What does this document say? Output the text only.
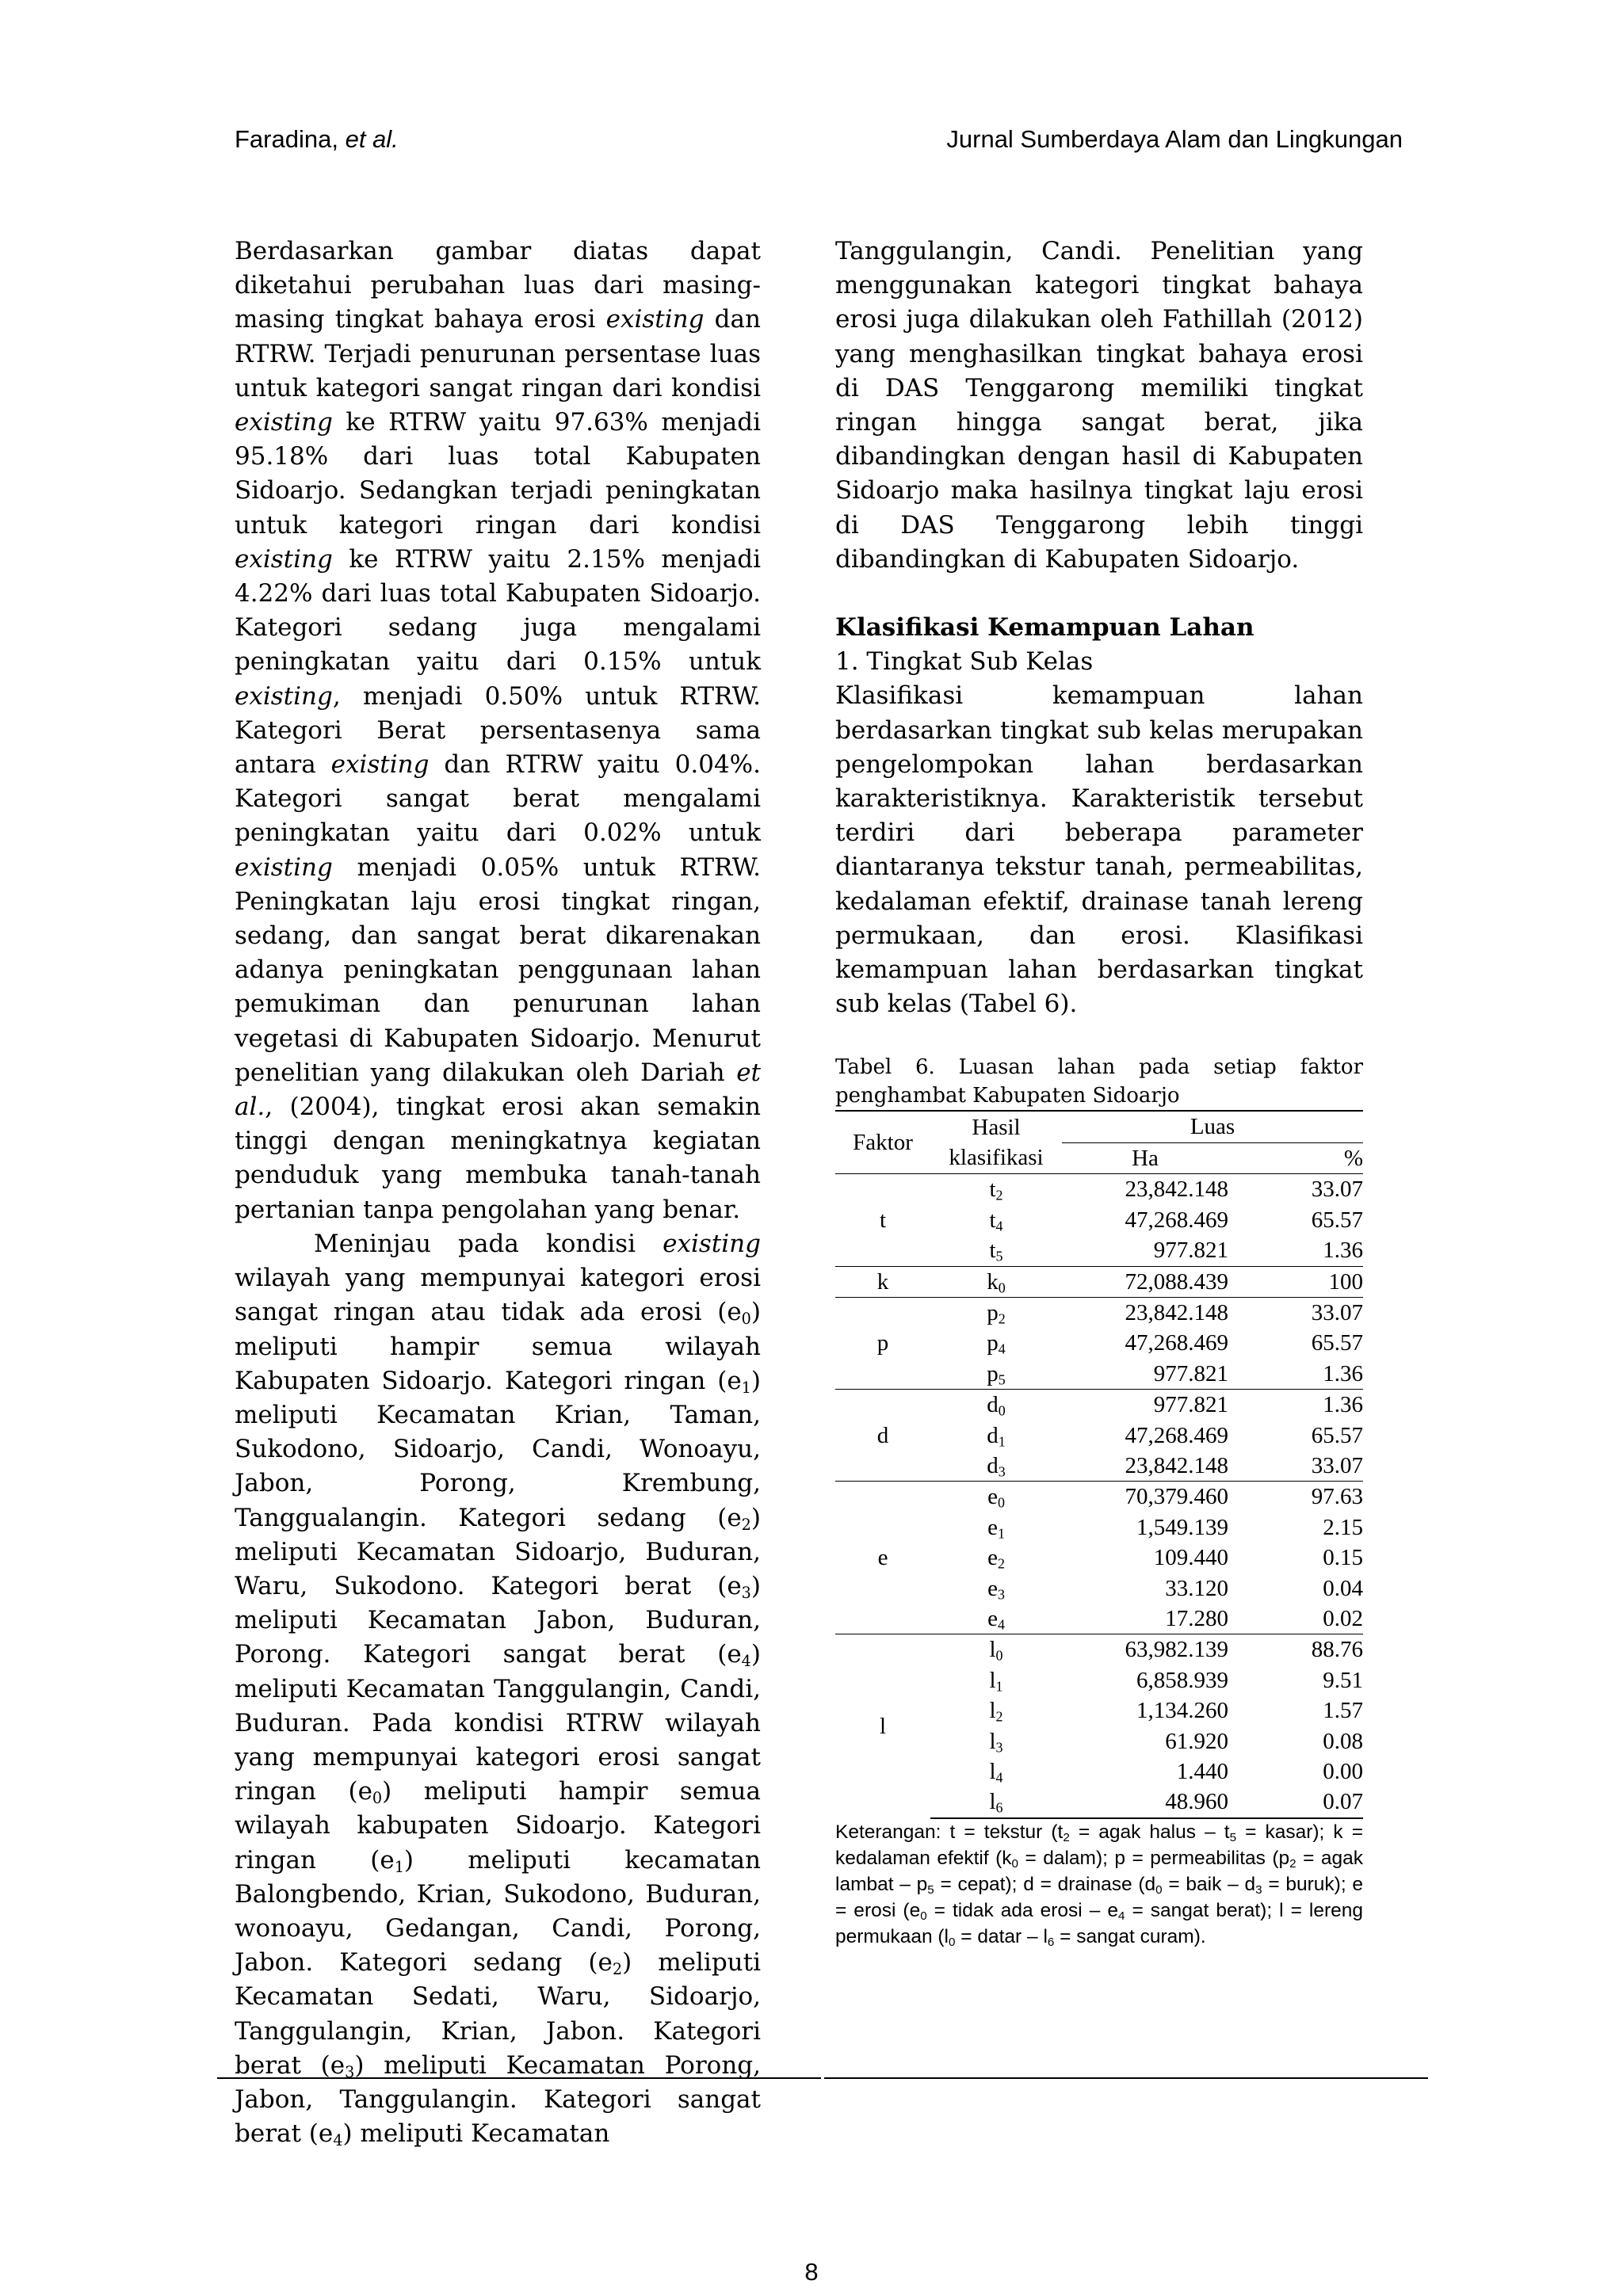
Faradina, et al.	Jurnal Sumberdaya Alam dan Lingkungan

Berdasarkan gambar diatas dapat diketahui perubahan luas dari masing-masing tingkat bahaya erosi existing dan RTRW. Terjadi penurunan persentase luas untuk kategori sangat ringan dari kondisi existing ke RTRW yaitu 97.63% menjadi 95.18% dari luas total Kabupaten Sidoarjo. Sedangkan terjadi peningkatan untuk kategori ringan dari kondisi existing ke RTRW yaitu 2.15% menjadi 4.22% dari luas total Kabupaten Sidoarjo. Kategori sedang juga mengalami peningkatan yaitu dari 0.15% untuk existing, menjadi 0.50% untuk RTRW. Kategori Berat persentasenya sama antara existing dan RTRW yaitu 0.04%. Kategori sangat berat mengalami peningkatan yaitu dari 0.02% untuk existing menjadi 0.05% untuk RTRW. Peningkatan laju erosi tingkat ringan, sedang, dan sangat berat dikarenakan adanya peningkatan penggunaan lahan pemukiman dan penurunan lahan vegetasi di Kabupaten Sidoarjo. Menurut penelitian yang dilakukan oleh Dariah et al., (2004), tingkat erosi akan semakin tinggi dengan meningkatnya kegiatan penduduk yang membuka tanah-tanah pertanian tanpa pengolahan yang benar.

Meninjau pada kondisi existing wilayah yang mempunyai kategori erosi sangat ringan atau tidak ada erosi $(e_0)$ meliputi hampir semua wilayah Kabupaten Sidoarjo. Kategori ringan $(e_1)$ meliputi Kecamatan Krian, Taman, Sukodono, Sidoarjo, Candi, Wonoayu, Jabon, Porong, Krembung, Tanggualangin. Kategori sedang $(e_2)$ meliputi Kecamatan Sidoarjo, Buduran, Waru, Sukodono. Kategori berat $(e_3)$ meliputi Kecamatan Jabon, Buduran, Porong. Kategori sangat berat $(e_4)$ meliputi Kecamatan Tanggulangin, Candi, Buduran. Pada kondisi RTRW wilayah yang mempunyai kategori erosi sangat ringan $(e_0)$ meliputi hampir semua wilayah kabupaten Sidoarjo. Kategori ringan $(e_1)$ meliputi kecamatan Balongbendo, Krian, Sukodono, Buduran, wonoayu, Gedangan, Candi, Porong, Jabon. Kategori sedang $(e_2)$ meliputi Kecamatan Sedati, Waru, Sidoarjo, Tanggulangin, Krian, Jabon. Kategori berat $(e_3)$ meliputi Kecamatan Porong, Jabon, Tanggulangin. Kategori sangat berat $(e_4)$ meliputi Kecamatan

Tanggulangin, Candi. Penelitian yang menggunakan kategori tingkat bahaya erosi juga dilakukan oleh Fathillah (2012) yang menghasilkan tingkat bahaya erosi di DAS Tenggarong memiliki tingkat ringan hingga sangat berat, jika dibandingkan dengan hasil di Kabupaten Sidoarjo maka hasilnya tingkat laju erosi di DAS Tenggarong lebih tinggi dibandingkan di Kabupaten Sidoarjo.

Klasifikasi Kemampuan Lahan

1. Tingkat Sub Kelas

Klasifikasi kemampuan lahan berdasarkan tingkat sub kelas merupakan pengelompokan lahan berdasarkan karakteristiknya. Karakteristik tersebut terdiri dari beberapa parameter diantaranya tekstur tanah, permeabilitas, kedalaman efektif, drainase tanah lereng permukaan, dan erosi. Klasifikasi kemampuan lahan berdasarkan tingkat sub kelas (Tabel 6).

Tabel 6. Luasan lahan pada setiap faktor penghambat Kabupaten Sidoarjo

Faktor	Hasil klasifikasi	Luas	
		Ha	%
t	$t_2$	23,842.148	33.07
	$t_4$	47,268.469	65.57
	$t_5$	977.821	1.36
k	$k_0$	72,088.439	100
p	$p_2$	23,842.148	33.07
	$p_4$	47,268.469	65.57
	$p_5$	977.821	1.36
d	$d_0$	977.821	1.36
	$d_1$	47,268.469	65.57
	$d_3$	23,842.148	33.07
e	$e_0$	70,379.460	97.63
	$e_1$	1,549.139	2.15
	$e_2$	109.440	0.15
	$e_3$	33.120	0.04
	$e_4$	17.280	0.02
l	$l_0$	63,982.139	88.76
	$l_1$	6,858.939	9.51
	$l_2$	1,134.260	1.57
	$l_3$	61.920	0.08
	$l_4$	1.440	0.00
	$l_6$	48.960	0.07

Keterangan: t = tekstur ($t_2$ = agak halus – $t_5$ = kasar); k = kedalaman efektif ($k_0$ = dalam); p = permeabilitas ($p_2$ = agak lambat – $p_5$ = cepat); d = drainase ($d_0$ = baik – $d_3$ = buruk); e = erosi ($e_0$ = tidak ada erosi – $e_4$ = sangat berat); l = lereng permukaan ($l_0$ = datar – $l_6$ = sangat curam).

8
